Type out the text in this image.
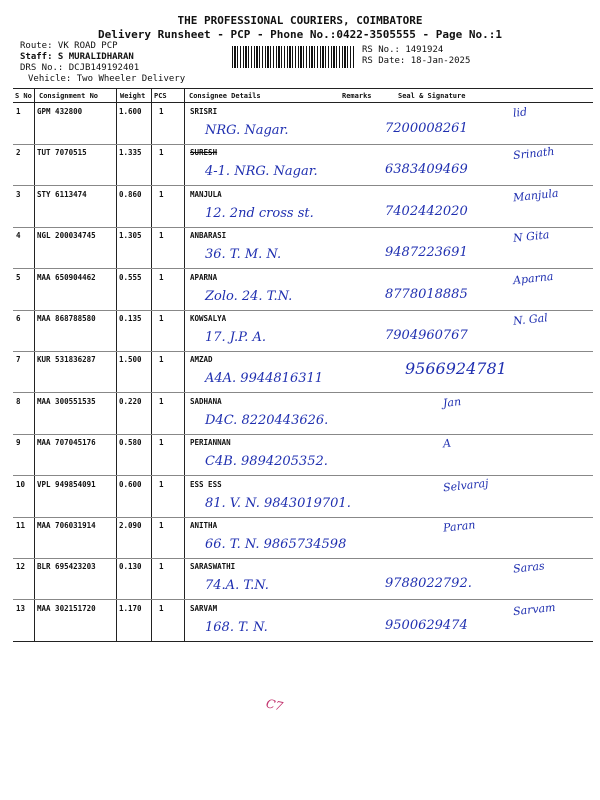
THE PROFESSIONAL COURIERS, COIMBATORE
Delivery Runsheet - PCP - Phone No.:0422-3505555 - Page No.:1
Route: VK ROAD PCP
Staff: S MURALIDHARAN
DRS No.: DCJB149192401
Vehicle: Two Wheeler Delivery
RS No.: 1491924
RS Date: 18-Jan-2025
S No Consignment No	Weight PCS	Consignee Details	Remarks	Seal & Signature
1 GPM 432800	1.600 1	SRISRI
NRG. Nagar.	7200008261
lid
2 TUT 7070515	1.335 1	SURESH
4-1. NRG. Nagar.	6383409469
Srinath
3 STY 6113474	0.860 1	MANJULA
12. 2nd cross st.	7402442020
Manjula
4 NGL 200034745	1.305 1	ANBARASI
36. T. M. N.	9487223691
N Gita
5 MAA 650904462	0.555 1	APARNA
Zolo. 24. T.N.	8778018885
Aparna
6 MAA 868788580	0.135 1	KOWSALYA
17. J.P. A.	7904960767
N. Gal
7 KUR 531836287	1.500 1	AMZAD
A4A. 9944816311
9566924781
8 MAA 300551535	0.220 1	SADHANA
D4C. 8220443626.
Jan
9 MAA 707045176	0.580 1	PERIANNAN
C4B. 9894205352.
A
10 VPL 949854091	0.600 1	ESS ESS
81. V. N. 9843019701.
Selvaraj
11 MAA 706031914	2.090 1	ANITHA
66. T. N. 9865734598
Paran
12 BLR 695423203	0.130 1	SARASWATHI
74.A. T.N.	9788022792.
Saras
13 MAA 302151720	1.170 1	SARVAM
168. T. N.	9500629474
Sarvam
C7
